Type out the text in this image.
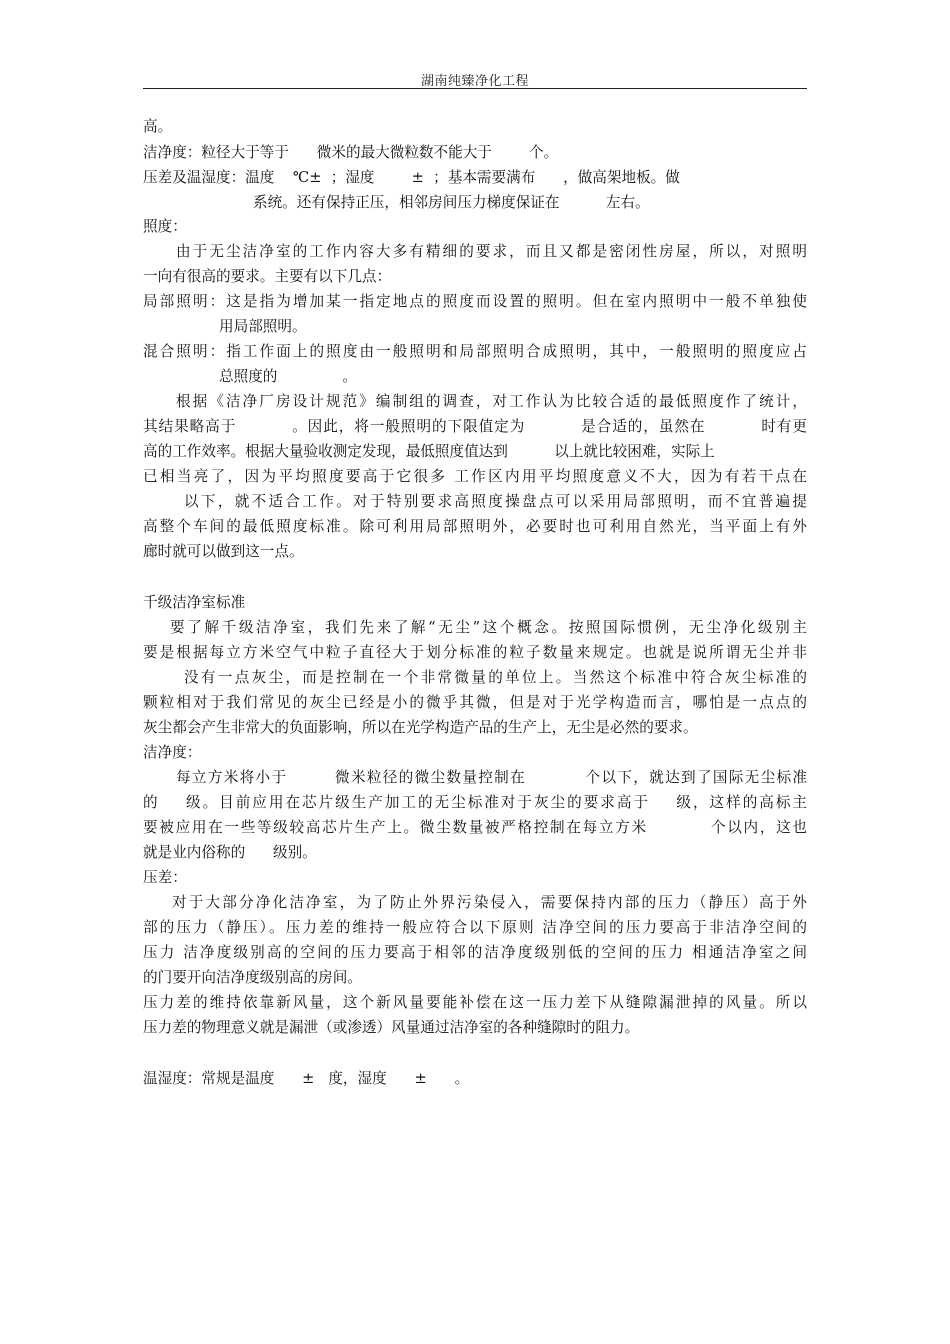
湖南纯臻净化工程
高。
洁净度：粒径大于等于      微米的最大微粒数不能大于        个。
压差及温湿度：温度    ℃±  ；湿度        ±  ；基本需要满布      ，做高架地板。做
系统。还有保持正压，相邻房间压力梯度保证在          左右。
照度：
由于无尘洁净室的工作内容大多有精细的要求，而且又都是密闭性房屋，所以，对照明
一向有很高的要求。主要有以下几点：
局部照明：这是指为增加某一指定地点的照度而设置的照明。但在室内照明中一般不单独使
用局部照明。
混合照明：指工作面上的照度由一般照明和局部照明合成照明，其中，一般照明的照度应占
总照度的              。
根据《洁净厂房设计规范》编制组的调查，对工作认为比较合适的最低照度作了统计，
其结果略高于          。因此，将一般照明的下限值定为          是合适的，虽然在          时有更
高的工作效率。根据大量验收测定发现，最低照度值达到          以上就比较困难，实际上
已相当亮了，因为平均照度要高于它很多 工作区内用平均照度意义不大，因为有若干点在
以下，就不适合工作。对于特别要求高照度操盘点可以采用局部照明，而不宜普遍提
高整个车间的最低照度标准。除可利用局部照明外，必要时也可利用自然光，当平面上有外
廊时就可以做到这一点。
千级洁净室标准
要了解千级洁净室，我们先来了解“无尘”这个概念。按照国际惯例，无尘净化级别主
要是根据每立方米空气中粒子直径大于划分标准的粒子数量来规定。也就是说所谓无尘并非
没有一点灰尘，而是控制在一个非常微量的单位上。当然这个标准中符合灰尘标准的
颗粒相对于我们常见的灰尘已经是小的微乎其微，但是对于光学构造而言，哪怕是一点点的
灰尘都会产生非常大的负面影响，所以在光学构造产品的生产上，无尘是必然的要求。
洁净度：
每立方米将小于        微米粒径的微尘数量控制在          个以下，就达到了国际无尘标准
的    级。目前应用在芯片级生产加工的无尘标准对于灰尘的要求高于    级，这样的高标主
要被应用在一些等级较高芯片生产上。微尘数量被严格控制在每立方米          个以内，这也
就是业内俗称的      级别。
压差：
对于大部分净化洁净室，为了防止外界污染侵入，需要保持内部的压力（静压）高于外
部的压力（静压）。压力差的维持一般应符合以下原则 洁净空间的压力要高于非洁净空间的
压力 洁净度级别高的空间的压力要高于相邻的洁净度级别低的空间的压力 相通洁净室之间
的门要开向洁净度级别高的房间。
压力差的维持依靠新风量，这个新风量要能补偿在这一压力差下从缝隙漏泄掉的风量。所以
压力差的物理意义就是漏泄（或渗透）风量通过洁净室的各种缝隙时的阻力。
温湿度：常规是温度      ±   度，湿度      ±      。
